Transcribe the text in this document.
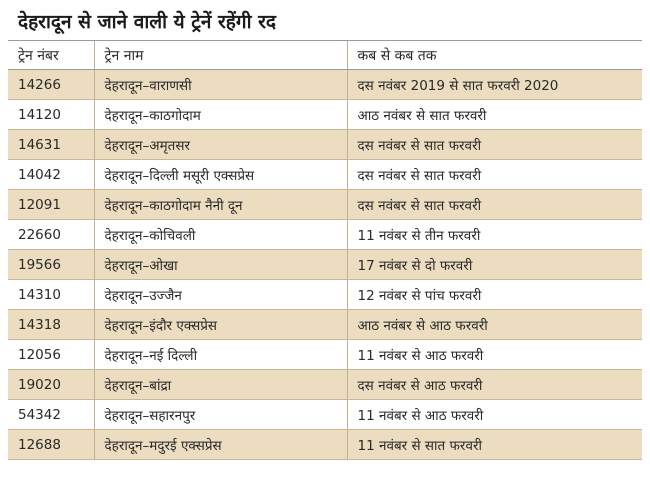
देहरादून से जाने वाली ये ट्रेनें रहेंगी रद
ट्रेन नंबर	ट्रेन नाम	कब से कब तक
14266	देहरादून–वाराणसी	दस नवंबर 2019 से सात फरवरी 2020
14120	देहरादून–काठगोदाम	आठ नवंबर से सात फरवरी
14631	देहरादून–अमृतसर	दस नवंबर से सात फरवरी
14042	देहरादून–दिल्ली मसूरी एक्सप्रेस	दस नवंबर से सात फरवरी
12091	देहरादून–काठगोदाम नैनी दून	दस नवंबर से सात फरवरी
22660	देहरादून–कोचिवली	11 नवंबर से तीन फरवरी
19566	देहरादून–ओखा	17 नवंबर से दो फरवरी
14310	देहरादून–उज्जैन	12 नवंबर से पांच फरवरी
14318	देहरादून–इंदौर एक्सप्रेस	आठ नवंबर से आठ फरवरी
12056	देहरादून–नई दिल्ली	11 नवंबर से आठ फरवरी
19020	देहरादून–बांद्रा	दस नवंबर से आठ फरवरी
54342	देहरादून–सहारनपुर	11 नवंबर से आठ फरवरी
12688	देहरादून–मदुरई एक्सप्रेस	11 नवंबर से सात फरवरी
